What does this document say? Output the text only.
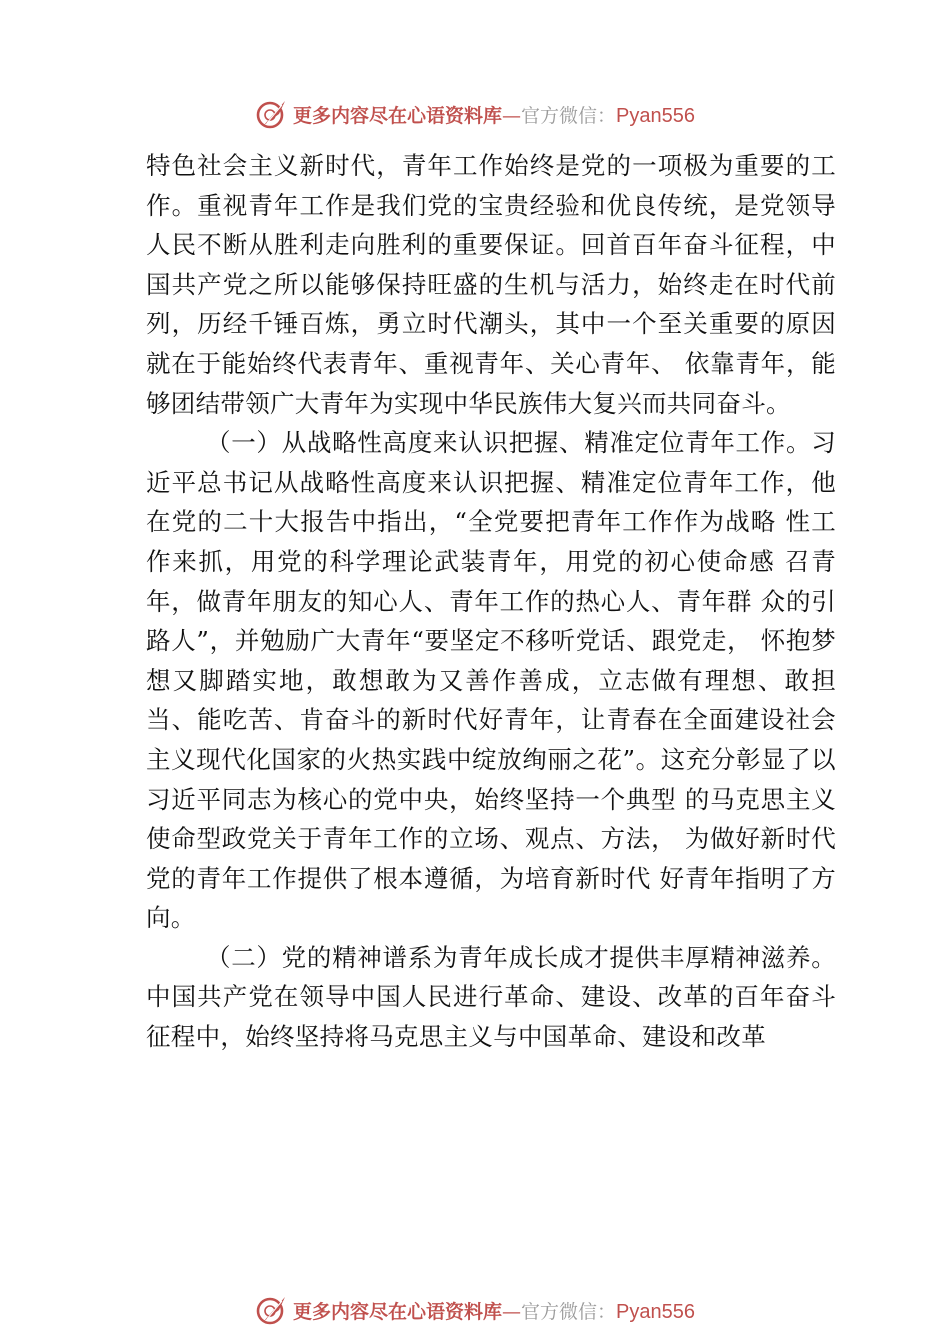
更多内容尽在心语资料库—官方微信：Pyan556

特色社会主义新时代，青年工作始终是党的一项极为重要的工作。重视青年工作是我们党的宝贵经验和优良传统，是党领导人民不断从胜利走向胜利的重要保证。回首百年奋斗征程，中国共产党之所以能够保持旺盛的生机与活力，始终走在时代前列，历经千锤百炼，勇立时代潮头，其中一个至关重要的原因就在于能始终代表青年、重视青年、关心青年、 依靠青年，能够团结带领广大青年为实现中华民族伟大复兴而共同奋斗。

（一）从战略性高度来认识把握、精准定位青年工作。习近平总书记从战略性高度来认识把握、精准定位青年工作，他在党的二十大报告中指出，“全党要把青年工作作为战略 性工作来抓，用党的科学理论武装青年，用党的初心使命感 召青年，做青年朋友的知心人、青年工作的热心人、青年群 众的引路人”，并勉励广大青年“要坚定不移听党话、跟党走， 怀抱梦想又脚踏实地，敢想敢为又善作善成，立志做有理想、敢担当、能吃苦、肯奋斗的新时代好青年，让青春在全面建设社会主义现代化国家的火热实践中绽放绚丽之花”。这充分彰显了以习近平同志为核心的党中央，始终坚持一个典型 的马克思主义使命型政党关于青年工作的立场、观点、方法， 为做好新时代党的青年工作提供了根本遵循，为培育新时代 好青年指明了方向。

（二）党的精神谱系为青年成长成才提供丰厚精神滋养。中国共产党在领导中国人民进行革命、建设、改革的百年奋斗征程中，始终坚持将马克思主义与中国革命、建设和改革

更多内容尽在心语资料库—官方微信：Pyan556
